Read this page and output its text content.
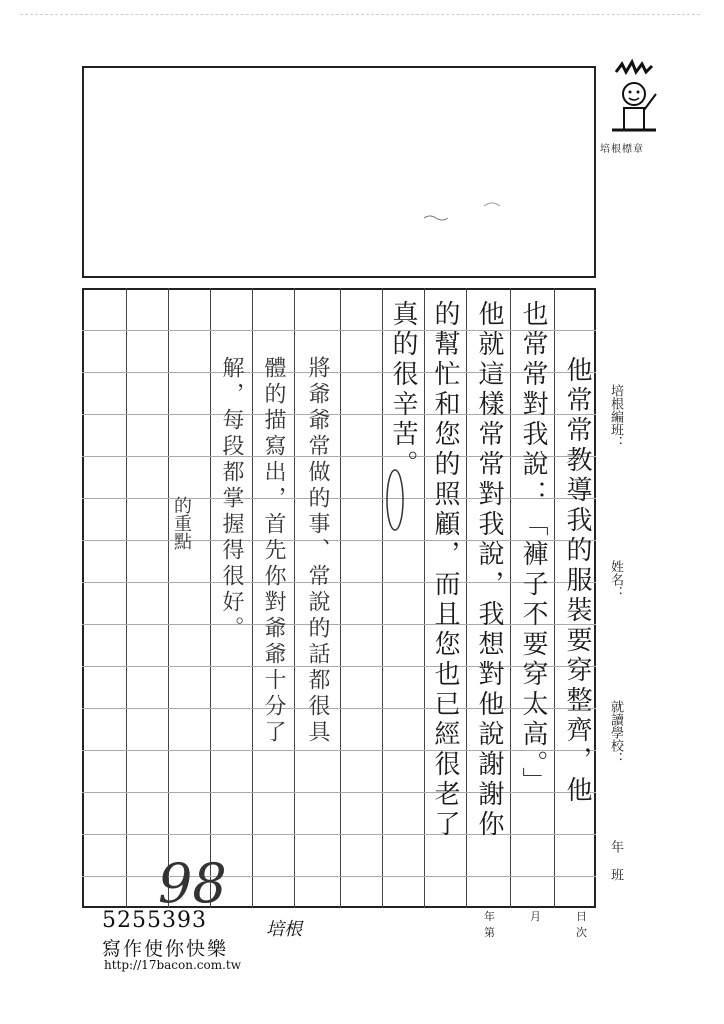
培根標章
他常常教導我的服裝要穿整齊，他
也常常對我說：「褲子不要穿太高。」
他就這樣常常對我說，我想對他說謝謝你
的幫忙和您的照顧，而且您也已經很老了
真的很辛苦。
將爺爺常做的事、常說的話都很具
體的描寫出，首先你對爺爺十分了
解，每段都掌握得很好。
的重點
培根編班：
姓名：
就讀學校：
年 班
年	月	日
第	次
98
5255393
寫作使你快樂
http://17bacon.com.tw
培根
